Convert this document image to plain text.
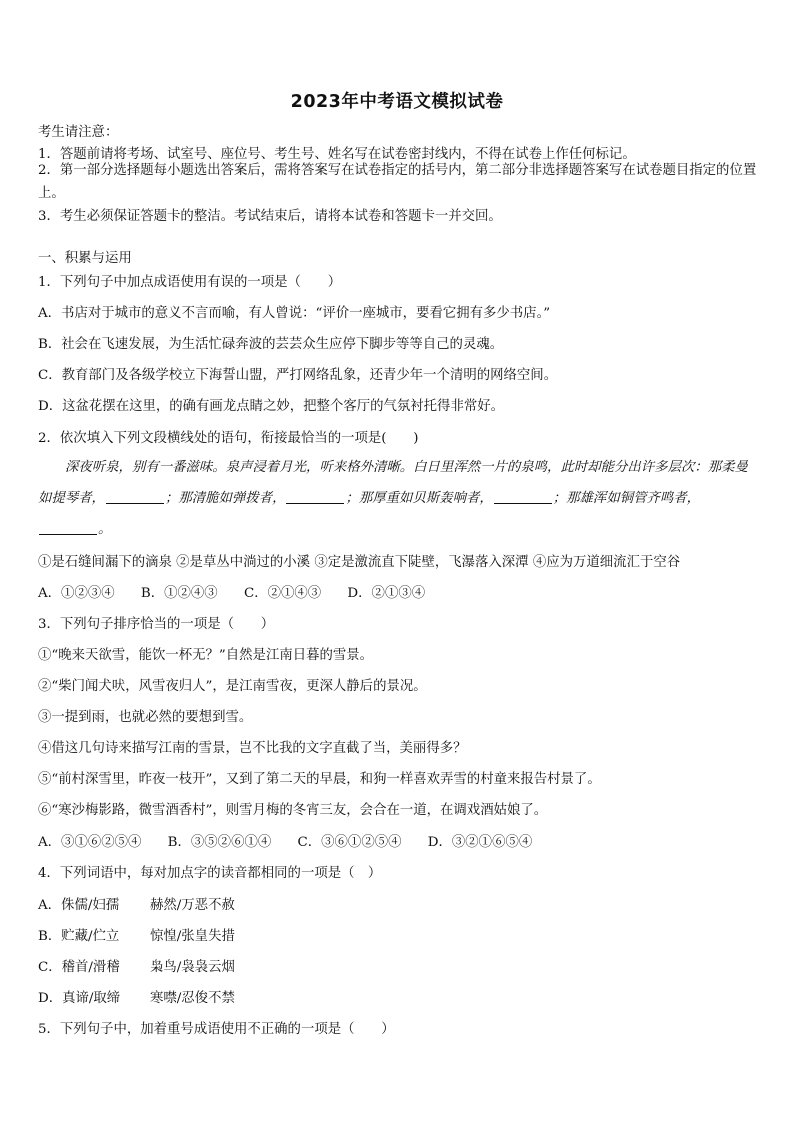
2023年中考语文模拟试卷
考生请注意：
1．答题前请将考场、试室号、座位号、考生号、姓名写在试卷密封线内，不得在试卷上作任何标记。
2．第一部分选择题每小题选出答案后，需将答案写在试卷指定的括号内，第二部分非选择题答案写在试卷题目指定的位置上。
3．考生必须保证答题卡的整洁。考试结束后，请将本试卷和答题卡一并交回。
一、积累与运用
1．下列句子中加点成语使用有误的一项是（　　）
A．书店对于城市的意义不言而喻，有人曾说：“评价一座城市，要看它拥有多少书店。”
B．社会在飞速发展，为生活忙碌奔波的芸芸众生应停下脚步等等自己的灵魂。
C．教育部门及各级学校立下海誓山盟，严打网络乱象，还青少年一个清明的网络空间。
D．这盆花摆在这里，的确有画龙点睛之妙，把整个客厅的气氛衬托得非常好。
2．依次填入下列文段横线处的语句，衔接最恰当的一项是(　　)
深夜听泉，别有一番滋味。泉声浸着月光，听来格外清晰。白日里浑然一片的泉鸣，此时却能分出许多层次：那柔曼如提琴者，	；那清脆如弹拨者，	；那厚重如贝斯轰响者，	；那雄浑如铜管齐鸣者，。
①是石缝间漏下的滴泉 ②是草丛中淌过的小溪 ③定是激流直下陡壁，飞瀑落入深潭 ④应为万道细流汇于空谷
A．①②③④ B．①②④③ C．②①④③ D．②①③④
3．下列句子排序恰当的一项是（　　）
①“晚来天欲雪，能饮一杯无？”自然是江南日暮的雪景。
②“柴门闻犬吠，风雪夜归人”，是江南雪夜，更深人静后的景况。
③一提到雨，也就必然的要想到雪。
④借这几句诗来描写江南的雪景，岂不比我的文字直截了当，美丽得多？
⑤“前村深雪里，昨夜一枝开”，又到了第二天的早晨，和狗一样喜欢弄雪的村童来报告村景了。
⑥“寒沙梅影路，微雪酒香村”，则雪月梅的冬宵三友，会合在一道，在调戏酒姑娘了。
A．③①⑥②⑤④ B．③⑤②⑥①④ C．③⑥①②⑤④ D．③②①⑥⑤④
4．下列词语中，每对加点字的读音都相同的一项是（　）
A．侏儒/妇孺 赫然/万恶不赦
B．贮藏/伫立 惊惶/张皇失措
C．稽首/滑稽 枭鸟/袅袅云烟
D．真谛/取缔 寒噤/忍俊不禁
5．下列句子中，加着重号成语使用不正确的一项是（　　）
